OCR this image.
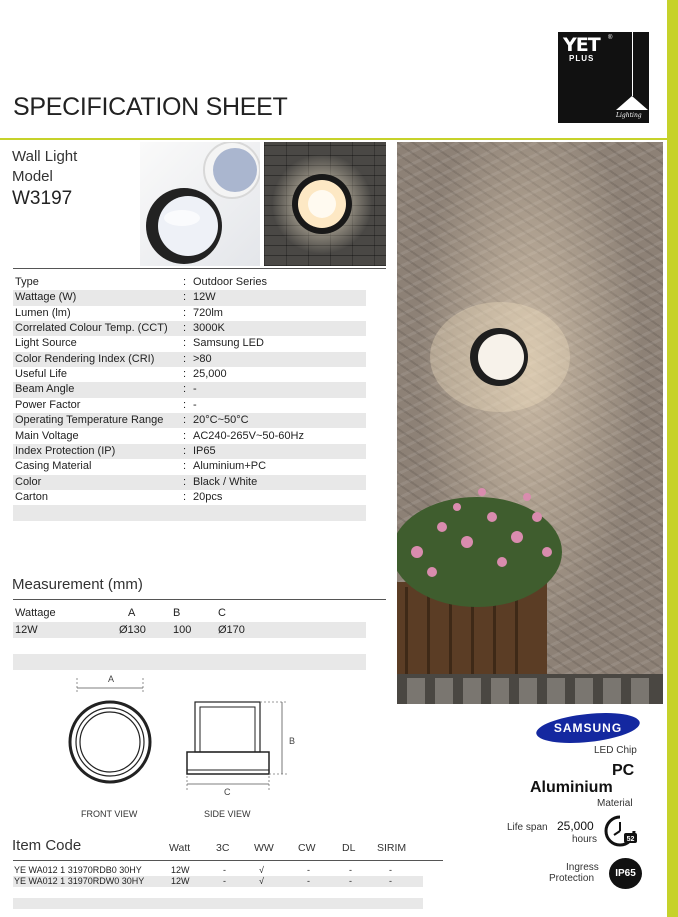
YET ®
PLUS
Lighting
SPECIFICATION SHEET
Wall Light
Model
W3197
Type	: Outdoor Series
Wattage (W)	: 12W
Lumen (lm)	: 720lm
Correlated Colour Temp. (CCT) : 3000K
Light Source	: Samsung LED
Color Rendering Index (CRI)	: >80
Useful Life	: 25,000
Beam Angle	: -
Power Factor	: -
Operating Temperature Range : 20°C~50°C
Main Voltage	: AC240-265V~50-60Hz
Index Protection (IP)	: IP65
Casing Material	: Aluminium+PC
Color	: Black / White
Carton	: 20pcs
Measurement (mm)
Wattage	A	B	C
12W	Ø130 100 Ø170
A
B
C
FRONT VIEW	SIDE VIEW
Item Code	Watt 3C WW CW	DL SIRIM
YE WA012 1 31970RDB0 30HY	12W	-	√	-	-	-
YE WA012 1 31970RDW0 30HY	12W	-	√	-	-	-
SAMSUNG
LED Chip
PC
Aluminium
Material
Life span 25,000
hours	52
Ingress
Protection	IP65
